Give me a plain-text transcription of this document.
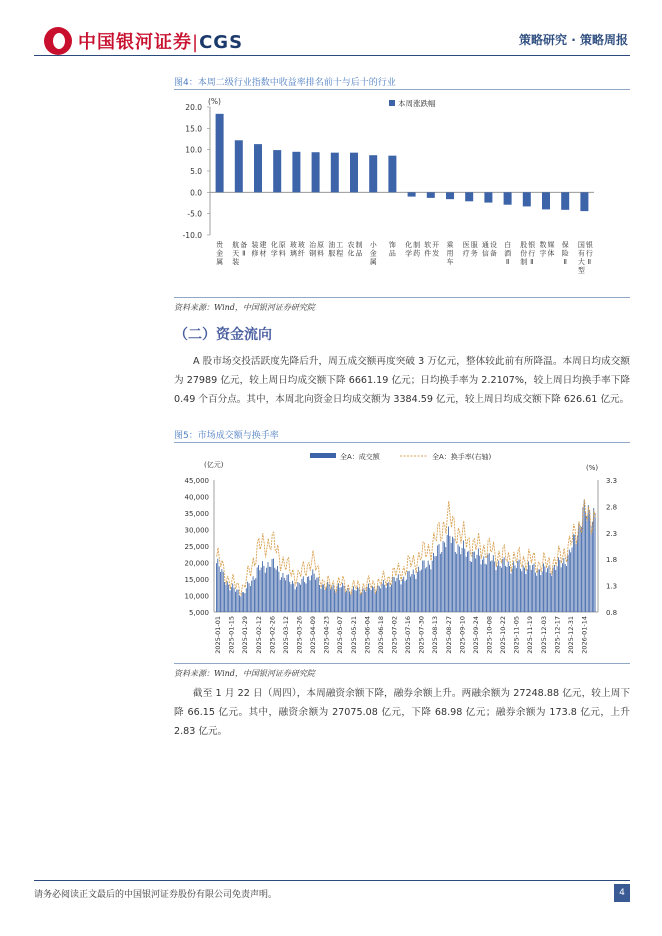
中国银河证券|CGS	策略研究 · 策略周报
图4：本周二级行业指数中收益率排名前十与后十的行业
(%)	本周涨跌幅
20.0
15.0
10.0
5.0
0.0
-5.0
-10.0
贵金属
航天装
备 Ⅱ
装修
建材
化学
原料
玻璃
玻纤
冶钢
原料
油服
工程
农化
制品
小金属
饰品
化学
制药
软件
开发
乘用车
医疗
服务
通信
设备
白酒 Ⅱ
股份制
银行 Ⅱ
数字
媒体
保险 Ⅱ
国有大型
银行 Ⅱ
资料来源：Wind，中国银河证券研究院
（二）资金流向
A 股市场交投活跃度先降后升，周五成交额再度突破 3 万亿元，整体较此前有所降温。本周日均成交额为 27989 亿元，较上周日均成交额下降 6661.19 亿元；日均换手率为 2.2107%，较上周日均换手率下降 0.49 个百分点。其中，本周北向资金日均成交额为 3384.59 亿元，较上周日均成交额下降 626.61 亿元。
图5：市场成交额与换手率
全A：成交额	全A：换手率(右轴)
(亿元)	(%)
45,000
40,000
35,000
30,000
25,000
20,000
15,000
10,000
5,000
3.3
2.8
2.3
1.8
1.3
0.8
2025-01-01 2025-01-15 2025-01-29 2025-02-12 2025-02-26 2025-03-12 2025-03-26 2025-04-09 2025-04-23 2025-05-07 2025-05-21 2025-06-04 2025-06-18 2025-07-02 2025-07-16 2025-07-30 2025-08-13 2025-08-27 2025-09-10 2025-09-24 2025-10-08 2025-10-22 2025-11-05 2025-11-19 2025-12-03 2025-12-17 2025-12-31 2026-01-14
资料来源：Wind，中国银河证券研究院
截至 1 月 22 日（周四），本周融资余额下降，融券余额上升。两融余额为 27248.88 亿元，较上周下降 66.15 亿元。其中，融资余额为 27075.08 亿元，下降 68.98 亿元；融券余额为 173.8 亿元，上升 2.83 亿元。
请务必阅读正文最后的中国银河证券股份有限公司免责声明。	4
